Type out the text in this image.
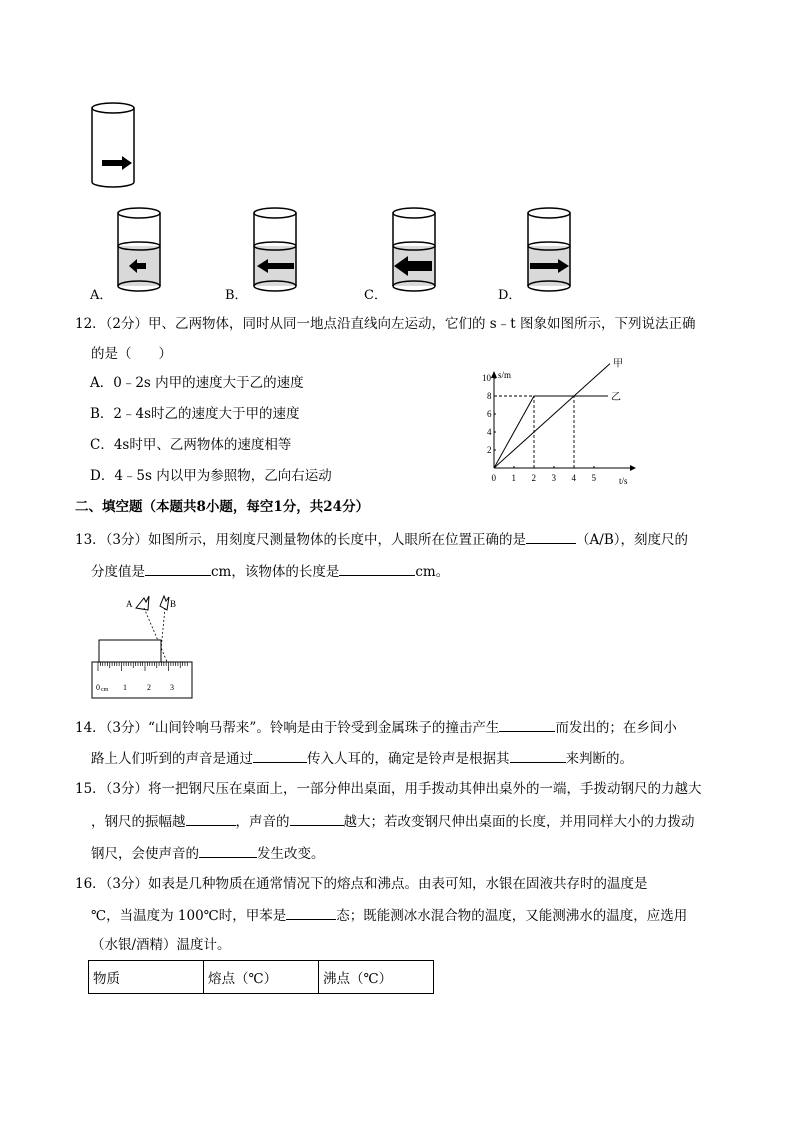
A．	B．	C．	D．
12．（2分）甲、乙两物体，同时从同一地点沿直线向左运动，它们的 s﹣t 图象如图所示，下列说法正确
的是（　　）
A．0﹣2s 内甲的速度大于乙的速度
B．2﹣4s时乙的速度大于甲的速度
C．4s时甲、乙两物体的速度相等
D．4﹣5s 内以甲为参照物，乙向右运动
s/m
t/s
0 1 2 3 4 5
2
4
6
8
10
甲
乙
二、填空题（本题共8小题，每空1分，共24分）
13．（3分）如图所示，用刻度尺测量物体的长度中，人眼所在位置正确的是	（A/B），刻度尺的
分度值是	cm，该物体的长度是	cm。
A	B
0 cm 1	2 3
14．（3分）“山间铃响马帮来”。铃响是由于铃受到金属珠子的撞击产生	而发出的；在乡间小
路上人们听到的声音是通过	传入人耳的，确定是铃声是根据其	来判断的。
15．（3分）将一把钢尺压在桌面上，一部分伸出桌面，用手拨动其伸出桌外的一端，手拨动钢尺的力越大
，钢尺的振幅越	，声音的	越大；若改变钢尺伸出桌面的长度，并用同样大小的力拨动
钢尺，会使声音的	发生改变。
16．（3分）如表是几种物质在通常情况下的熔点和沸点。由表可知，水银在固液共存时的温度是
℃，当温度为 100℃时，甲苯是	态；既能测冰水混合物的温度，又能测沸水的温度，应选用
（水银/酒精）温度计。
物质	熔点（℃）	沸点（℃）
